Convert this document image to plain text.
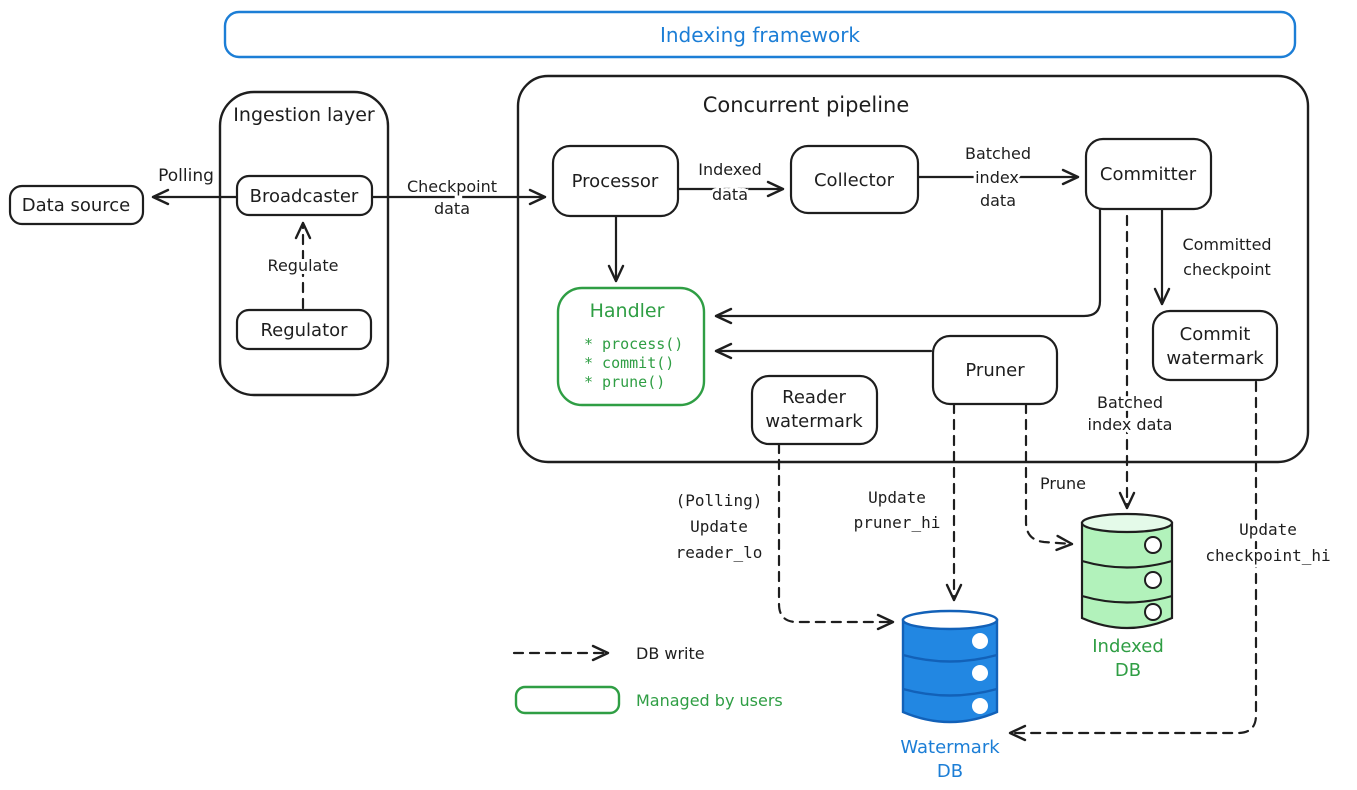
Indexing framework
Ingestion layer	Concurrent pipeline
Data source	Broadcaster
Regulator
Processor	Collector	Committer
Handler
* process()
* commit()
* prune()
Reader
watermark
Pruner
Commit
watermark
Watermark
DB
Indexed
DB
Polling
Regulate
Checkpoint
data
Indexed
data
Batched
index
data
Committed
checkpoint
Batched
index data
Prune
Update
pruner_hi
(Polling)
Update
reader_lo
Update
checkpoint_hi
DB write
Managed by users
